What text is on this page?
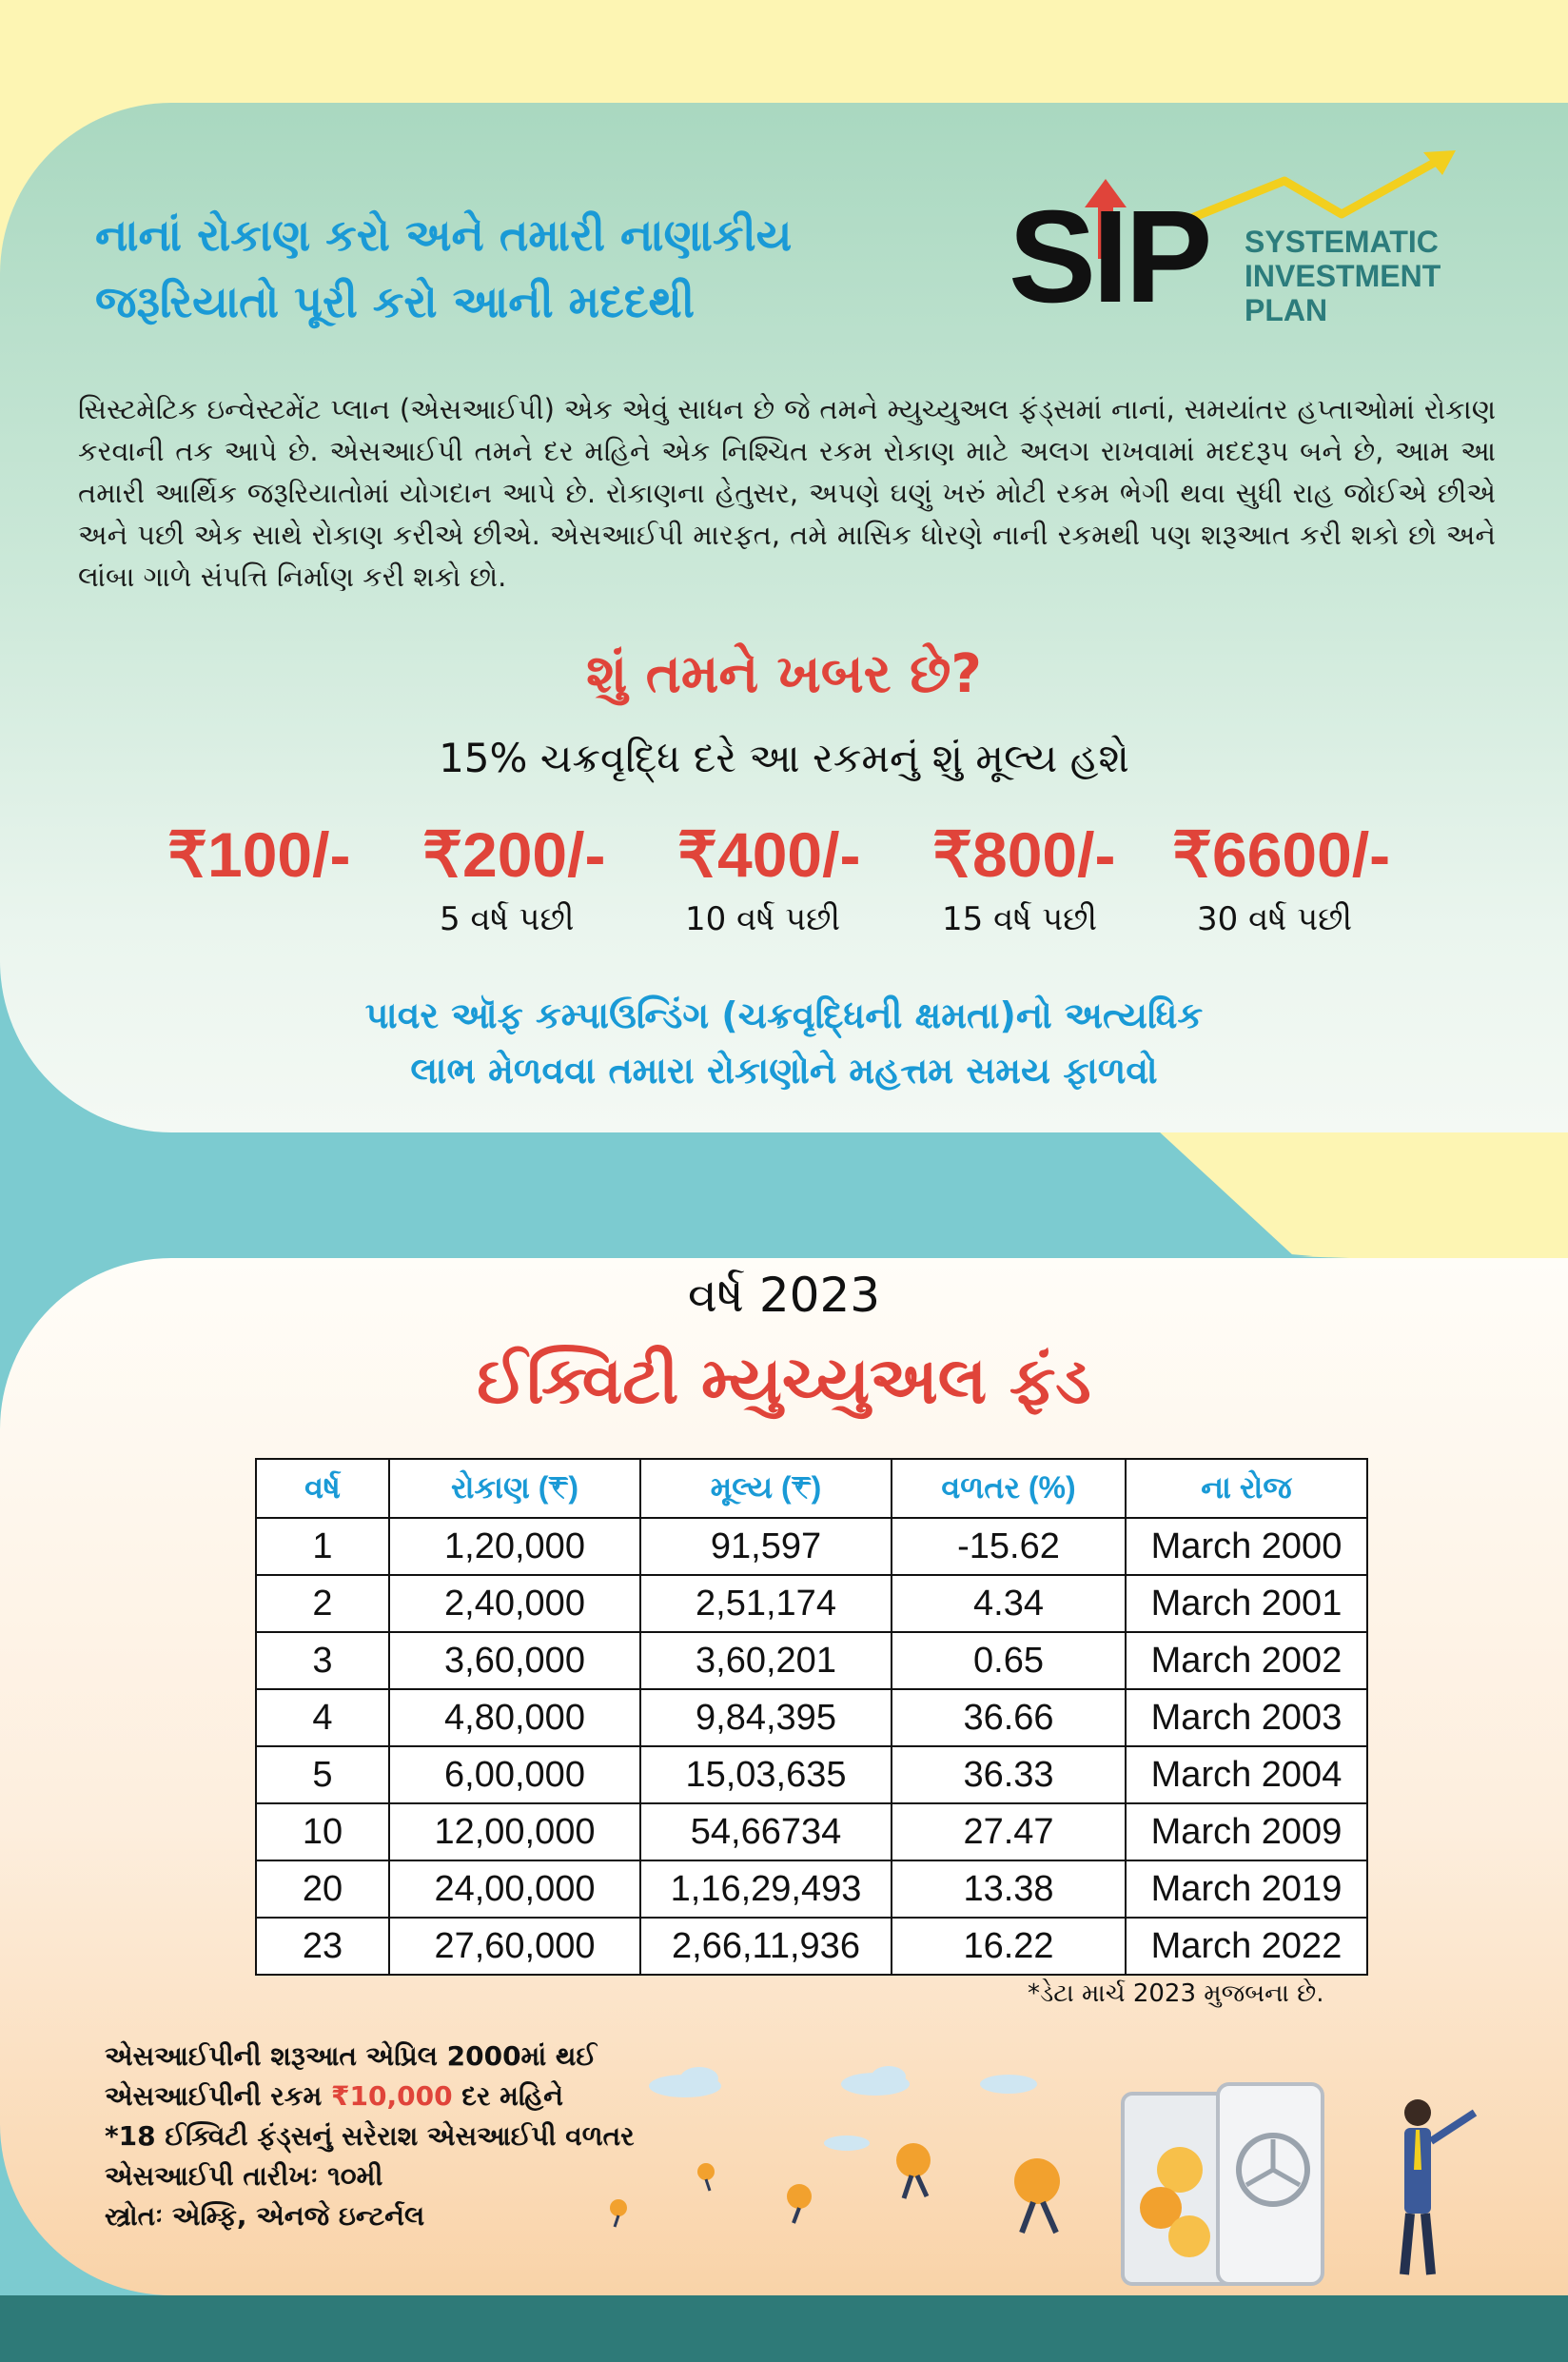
નાનાં રોકાણ કરો અને તમારી નાણાકીય
જરૂરિયાતો પૂરી કરો આની મદદથી	SIP SYSTEMATIC
INVESTMENT
PLAN
સિસ્ટમેટિક ઇન્વેસ્ટમેંટ પ્લાન (એસઆઈપી) એક એવું સાધન છે જે તમને મ્યુચ્યુઅલ ફંડ્સમાં નાનાં, સમયાંતર હપ્તાઓમાં રોકાણ કરવાની તક આપે છે. એસઆઈપી તમને દર મહિને એક નિશ્ચિત રકમ રોકાણ માટે અલગ રાખવામાં મદદરૂપ બને છે, આમ આ તમારી આર્થિક જરૂરિયાતોમાં યોગદાન આપે છે. રોકાણના હેતુસર, અપણે ઘણું ખરું મોટી રકમ ભેગી થવા સુધી રાહ જોઈએ છીએ અને પછી એક સાથે રોકાણ કરીએ છીએ. એસઆઈપી મારફત, તમે માસિક ધોરણે નાની રકમથી પણ શરૂઆત કરી શકો છો અને લાંબા ગાળે સંપત્તિ નિર્માણ કરી શકો છો.
શું તમને ખબર છે?
15% ચક્રવૃદ્ધિ દરે આ રકમનું શું મૂલ્ય હશે
₹100/- ₹200/- ₹400/- ₹800/- ₹6600/-
5 વર્ષ પછી	10 વર્ષ પછી	15 વર્ષ પછી	30 વર્ષ પછી
પાવર ઑફ કમ્પાઉન્ડિંગ (ચક્રવૃદ્ધિની ક્ષમતા)નો અત્યધિક
લાભ મેળવવા તમારા રોકાણોને મહત્તમ સમય ફાળવો
વર્ષ 2023
ઈક્વિટી મ્યુચ્યુઅલ ફંડ
વર્ષ	રોકાણ (₹)	મૂલ્ય (₹)	વળતર (%)	ના રોજ
1	1,20,000	91,597	-15.62	March 2000
2	2,40,000	2,51,174	4.34	March 2001
3	3,60,000	3,60,201	0.65	March 2002
4	4,80,000	9,84,395	36.66	March 2003
5	6,00,000	15,03,635	36.33	March 2004
10	12,00,000	54,66734	27.47	March 2009
20	24,00,000	1,16,29,493	13.38	March 2019
23	27,60,000	2,66,11,936	16.22	March 2022
*ડેટા માર્ચ 2023 મુજબના છે.
એસઆઈપીની શરૂઆત એપ્રિલ 2000માં થઈ
એસઆઈપીની રકમ ₹10,000 દર મહિને
*18 ઈક્વિટી ફંડ્સનું સરેરાશ એસઆઈપી વળતર
એસઆઈપી તારીખઃ ૧૦મી
સ્ત્રોતઃ એમ્ફિ, એનજે ઇન્ટર્નલ
